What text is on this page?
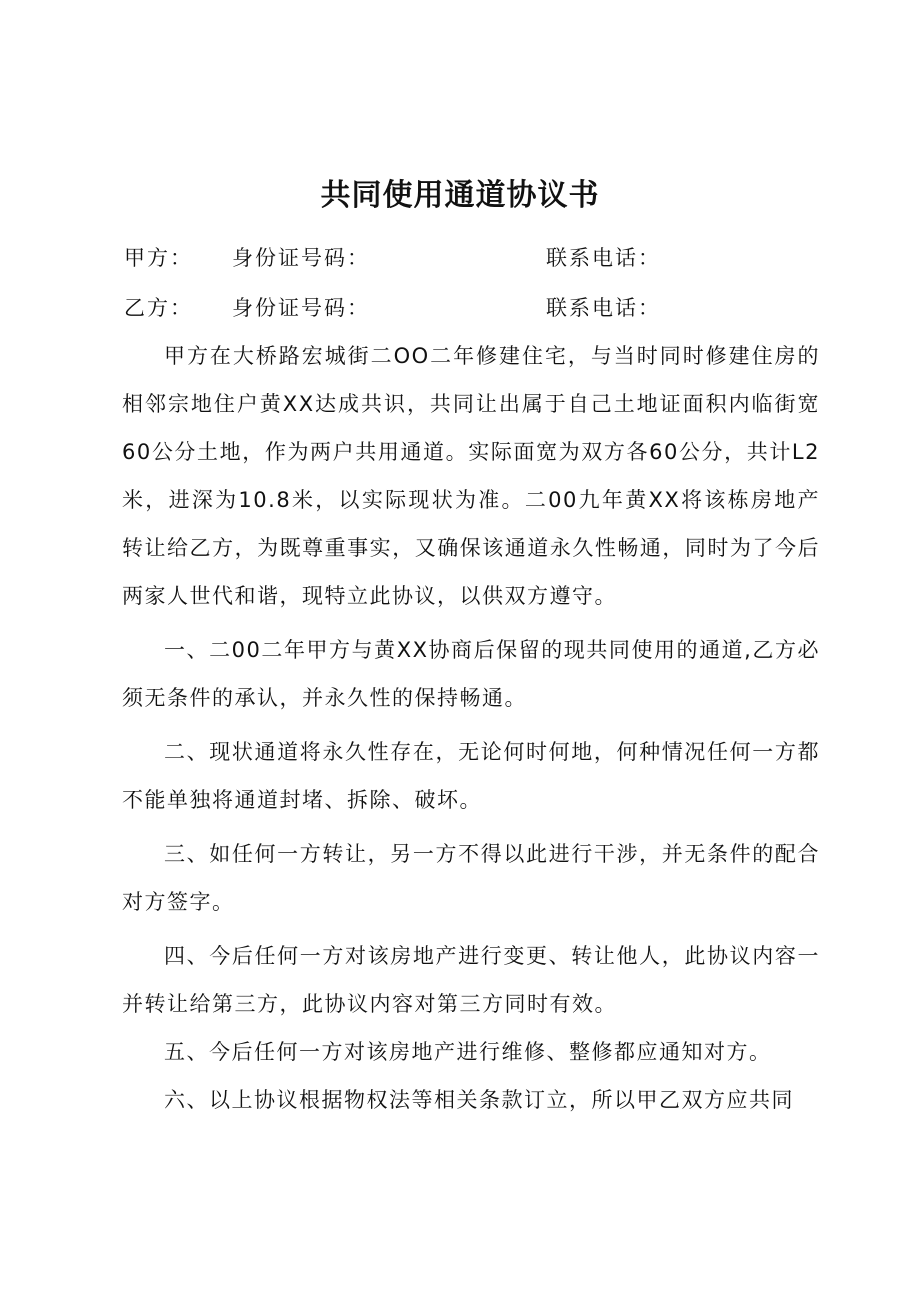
共同使用通道协议书
甲方： 身份证号码：	联系电话：
乙方： 身份证号码：	联系电话：

甲方在大桥路宏城街二OO二年修建住宅，与当时同时修建住房的相邻宗地住户黄XX达成共识，共同让出属于自己土地证面积内临街宽60公分土地，作为两户共用通道。实际面宽为双方各60公分，共计L2米，进深为10.8米，以实际现状为准。二00九年黄XX将该栋房地产转让给乙方，为既尊重事实，又确保该通道永久性畅通，同时为了今后两家人世代和谐，现特立此协议，以供双方遵守。

一、二00二年甲方与黄XX协商后保留的现共同使用的通道,乙方必须无条件的承认，并永久性的保持畅通。

二、现状通道将永久性存在，无论何时何地，何种情况任何一方都不能单独将通道封堵、拆除、破坏。

三、如任何一方转让，另一方不得以此进行干涉，并无条件的配合对方签字。

四、今后任何一方对该房地产进行变更、转让他人，此协议内容一并转让给第三方，此协议内容对第三方同时有效。

五、今后任何一方对该房地产进行维修、整修都应通知对方。

六、以上协议根据物权法等相关条款订立，所以甲乙双方应共同
